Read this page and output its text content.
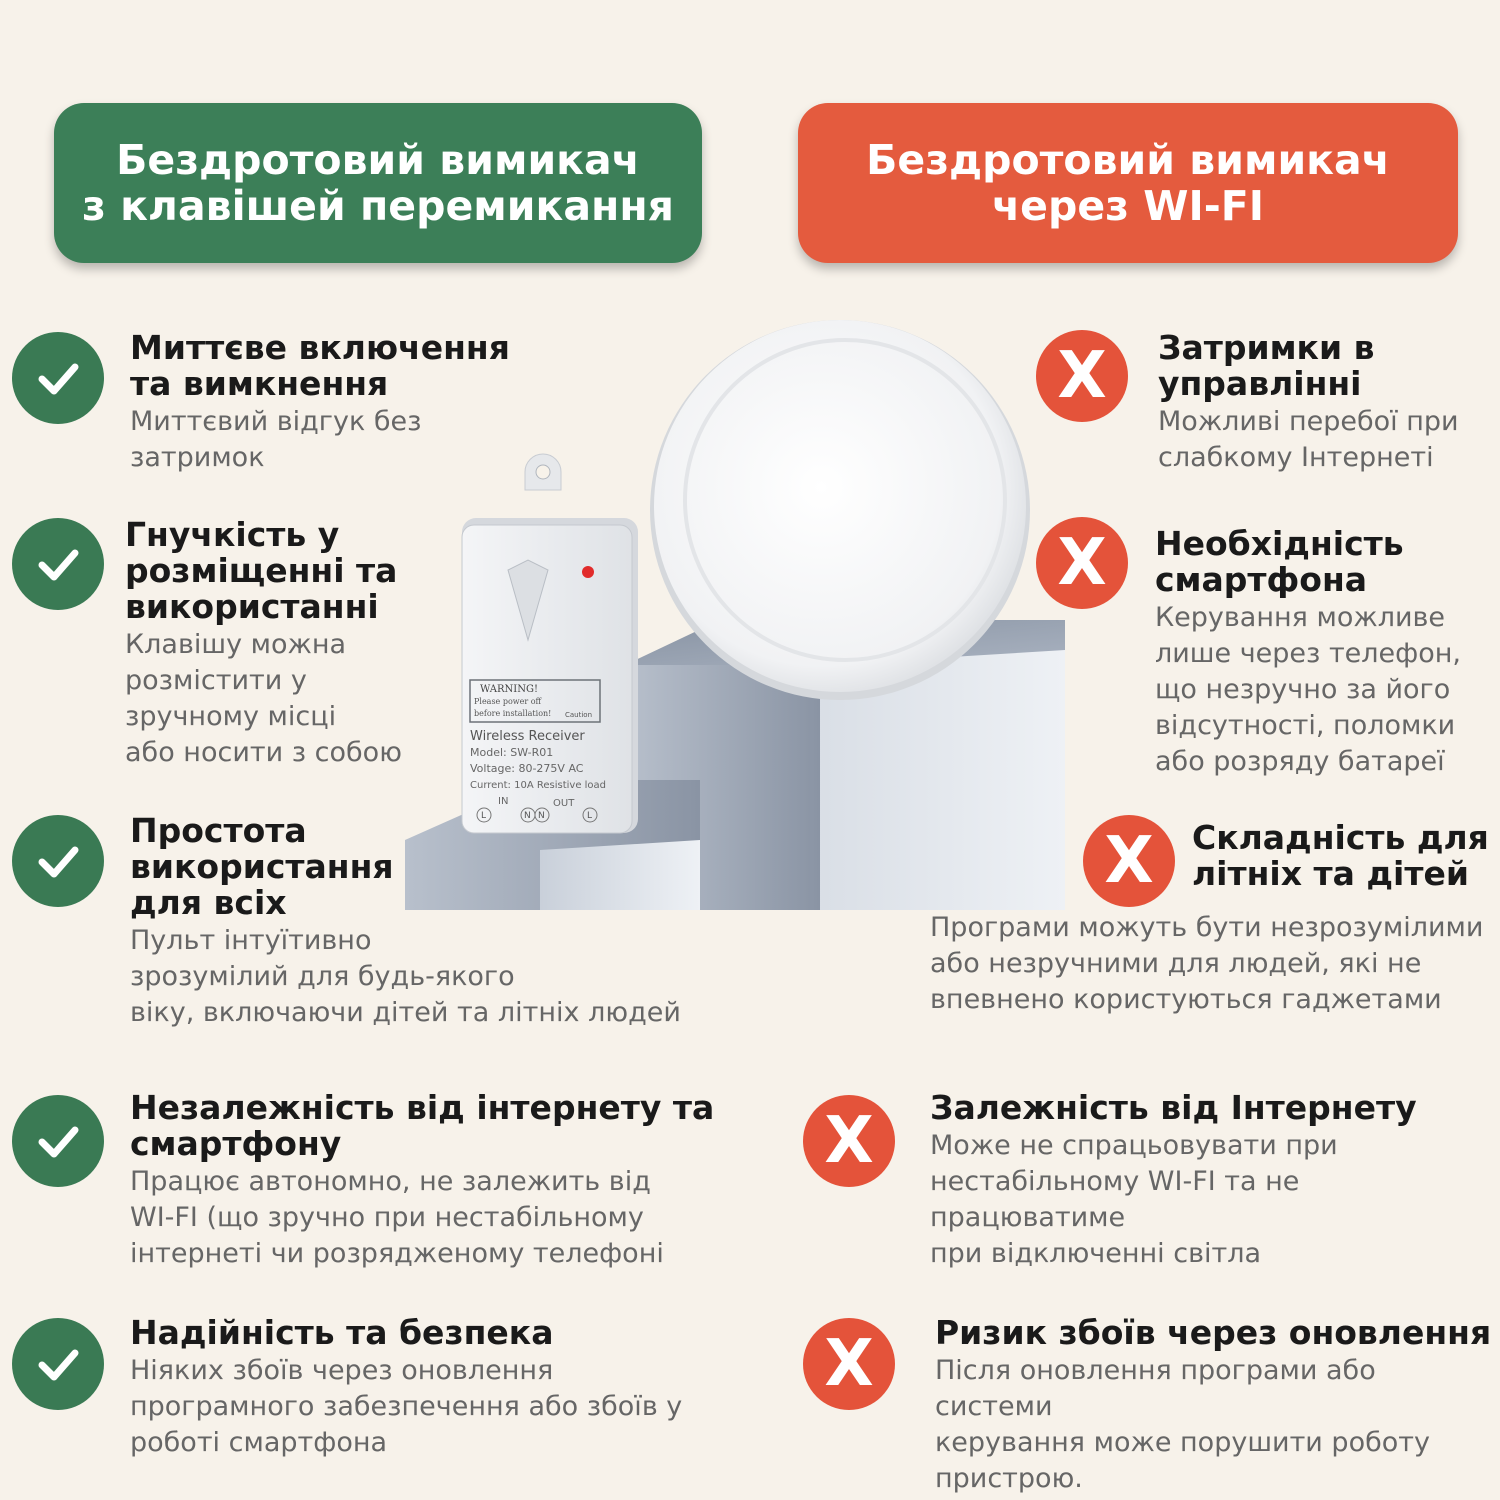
Бездротовий вимикач
з клавішей перемикання
Бездротовий вимикач
через WI-FI
WARNING!
Please power off
before installation! Caution
Wireless Receiver
Model: SW-R01
Voltage: 80-275V AC
Current: 10A Resistive load
IN	OUT
L	N N	L
Миттєве включення
та вимкнення
Миттєвий відгук без
затримок
Гнучкість у
розміщенні та
використанні
Клавішу можна
розмістити у
зручному місці
або носити з собою
Простота
використання
для всіх
Пульт інтуїтивно
зрозумілий для будь-якого
віку, включаючи дітей та літніх людей
Незалежність від інтернету та
смартфону
Працює автономно, не залежить від
WI-FI (що зручно при нестабільному
інтернеті чи розрядженому телефоні
Надійність та безпека
Ніяких збоїв через оновлення
програмного забезпечення або збоїв у
роботі смартфона
X	Затримки в
управлінні
Можливі перебої при
слабкому Інтернеті
X	Необхідність
смартфона
Керування можливе
лише через телефон,
що незручно за його
відсутності, поломки
або розряду батареї
X	Складність для
літніх та дітей
Програми можуть бути незрозумілими
або незручними для людей, які не
впевнено користуються гаджетами
X	Залежність від Інтернету
Може не спрацьовувати при
нестабільному WI-FI та не працюватиме
при відключенні світла
X	Ризик збоїв через оновлення
Після оновлення програми або системи
керування може порушити роботу
пристрою.
